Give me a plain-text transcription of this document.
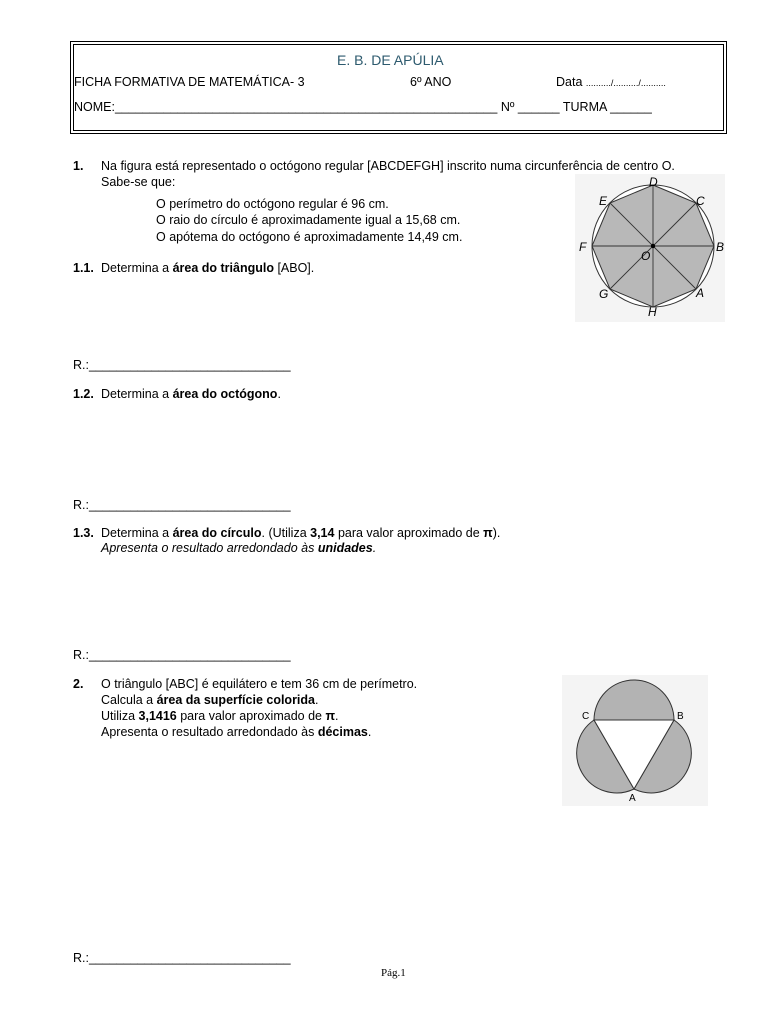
E. B. DE APÚLIA
FICHA FORMATIVA DE MATEMÁTICA- 3	6º ANO	Data ........../........../..........
NOME:_______________________________________________________ Nº ______ TURMA ______
1. Na figura está representado o octógono regular [ABCDEFGH] inscrito numa circunferência de centro O.
Sabe-se que:
O perímetro do octógono regular é 96 cm.
O raio do círculo é aproximadamente igual a 15,68 cm.
O apótema do octógono é aproximadamente 14,49 cm.
D
C
E
F	B
O
G	A
H
1.1. Determina a área do triângulo [ABO].
R.:_____________________________
1.2. Determina a área do octógono.
R.:_____________________________
1.3. Determina a área do círculo. (Utiliza 3,14 para valor aproximado de π).
Apresenta o resultado arredondado às unidades.
R.:_____________________________
2. O triângulo [ABC] é equilátero e tem 36 cm de perímetro.
Calcula a área da superfície colorida.
Utiliza 3,1416 para valor aproximado de π.
Apresenta o resultado arredondado às décimas.
C	B
A
R.:_____________________________
Pág.1
